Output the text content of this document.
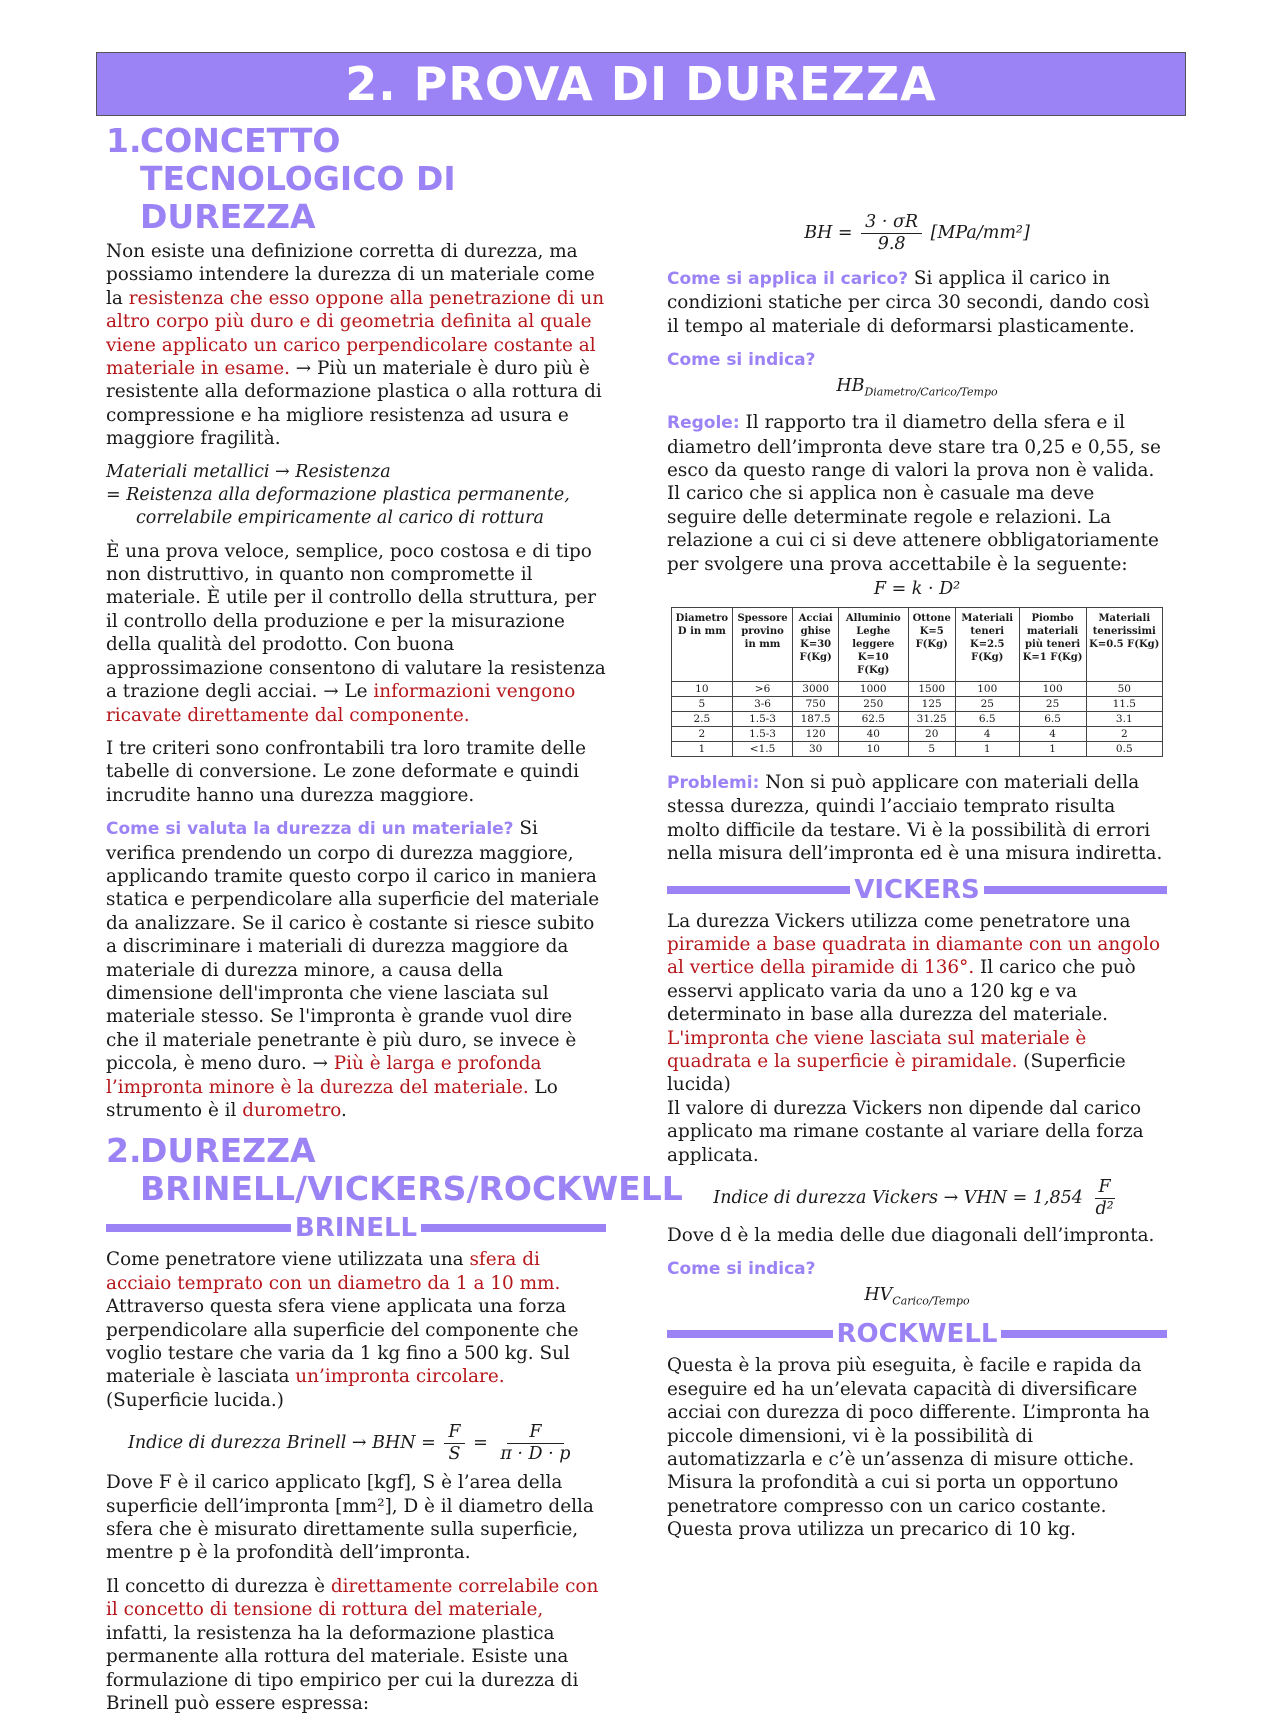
2. PROVA DI DUREZZA
1.
CONCETTO TECNOLOGICO DI DUREZZA

Non esiste una definizione corretta di durezza, ma possiamo intendere la durezza di un materiale come la resistenza che esso oppone alla penetrazione di un altro corpo più duro e di geometria definita al quale viene applicato un carico perpendicolare costante al materiale in esame. → Più un materiale è duro più è resistente alla deformazione plastica o alla rottura di compressione e ha migliore resistenza ad usura e maggiore fragilità.

Materiali metallici → Resistenza
= Reistenza alla deformazione plastica permanente,
correlabile empiricamente al carico di rottura

È una prova veloce, semplice, poco costosa e di tipo non distruttivo, in quanto non compromette il materiale. È utile per il controllo della struttura, per il controllo della produzione e per la misurazione della qualità del prodotto. Con buona approssimazione consentono di valutare la resistenza a trazione degli acciai. → Le informazioni vengono ricavate direttamente dal componente.

I tre criteri sono confrontabili tra loro tramite delle tabelle di conversione. Le zone deformate e quindi incrudite hanno una durezza maggiore.

Come si valuta la durezza di un materiale? Si verifica prendendo un corpo di durezza maggiore, applicando tramite questo corpo il carico in maniera statica e perpendicolare alla superficie del materiale da analizzare. Se il carico è costante si riesce subito a discriminare i materiali di durezza maggiore da materiale di durezza minore, a causa della dimensione dell'impronta che viene lasciata sul materiale stesso. Se l'impronta è grande vuol dire che il materiale penetrante è più duro, se invece è piccola, è meno duro. → Più è larga e profonda l’impronta minore è la durezza del materiale. Lo strumento è il durometro.

2.
DUREZZA BRINELL/VICKERS/ROCKWELL
BRINELL

Come penetratore viene utilizzata una sfera di acciaio temprato con un diametro da 1 a 10 mm. Attraverso questa sfera viene applicata una forza perpendicolare alla superficie del componente che voglio testare che varia da 1 kg fino a 500 kg. Sul materiale è lasciata un’impronta circolare. (Superficie lucida.)

Indice di durezza Brinell → BHN = $\frac{F}{S} = \frac{F}{\pi \cdot D \cdot p}$

Dove F è il carico applicato [kgf], S è l’area della superficie dell’impronta [mm²], D è il diametro della sfera che è misurato direttamente sulla superficie, mentre p è la profondità dell’impronta.

Il concetto di durezza è direttamente correlabile con il concetto di tensione di rottura del materiale, infatti, la resistenza ha la deformazione plastica permanente alla rottura del materiale. Esiste una formulazione di tipo empirico per cui la durezza di Brinell può essere espressa:

BH = $\frac{3 \cdot \sigma R}{9.8} [MPa/mm^2]$

Come si applica il carico? Si applica il carico in condizioni statiche per circa 30 secondi, dando così il tempo al materiale di deformarsi plasticamente.

Come si indica?

$HB_{Diametro/Carico/Tempo}$

Regole: Il rapporto tra il diametro della sfera e il diametro dell’impronta deve stare tra 0,25 e 0,55, se esco da questo range di valori la prova non è valida. Il carico che si applica non è casuale ma deve seguire delle determinate regole e relazioni. La relazione a cui ci si deve attenere obbligatoriamente per svolgere una prova accettabile è la seguente:

F = k · D²
Diametro D in mm	Spessore provino in mm	Acciai ghise K=30 F(Kg)	Alluminio Leghe leggere K=10 F(Kg)	Ottone K=5 F(Kg)	Materiali teneri K=2.5 F(Kg)	Piombo materiali più teneri K=1 F(Kg)	Materiali tenerissimi K=0.5 F(Kg)
10	>6	3000	1000	1500	100	100	50
5	3-6	750	250	125	25	25	11.5
2.5	1.5-3	187.5	62.5	31.25	6.5	6.5	3.1
2	1.5-3	120	40	20	4	4	2
1	<1.5	30	10	5	1	1	0.5

Problemi: Non si può applicare con materiali della stessa durezza, quindi l’acciaio temprato risulta molto difficile da testare. Vi è la possibilità di errori nella misura dell’impronta ed è una misura indiretta.

VICKERS

La durezza Vickers utilizza come penetratore una piramide a base quadrata in diamante con un angolo al vertice della piramide di 136°. Il carico che può esservi applicato varia da uno a 120 kg e va determinato in base alla durezza del materiale. L'impronta che viene lasciata sul materiale è quadrata e la superficie è piramidale. (Superficie lucida)

Il valore di durezza Vickers non dipende dal carico applicato ma rimane costante al variare della forza applicata.

Indice di durezza Vickers → VHN = $1,854 \frac{F}{\text{d²}}$

Dove d è la media delle due diagonali dell’impronta.

Come si indica?

$HV_{Carico/Tempo}$
ROCKWELL

Questa è la prova più eseguita, è facile e rapida da eseguire ed ha un’elevata capacità di diversificare acciai con durezza di poco differente. L’impronta ha piccole dimensioni, vi è la possibilità di automatizzarla e c’è un’assenza di misure ottiche.

Misura la profondità a cui si porta un opportuno penetratore compresso con un carico costante. Questa prova utilizza un precarico di 10 kg.
